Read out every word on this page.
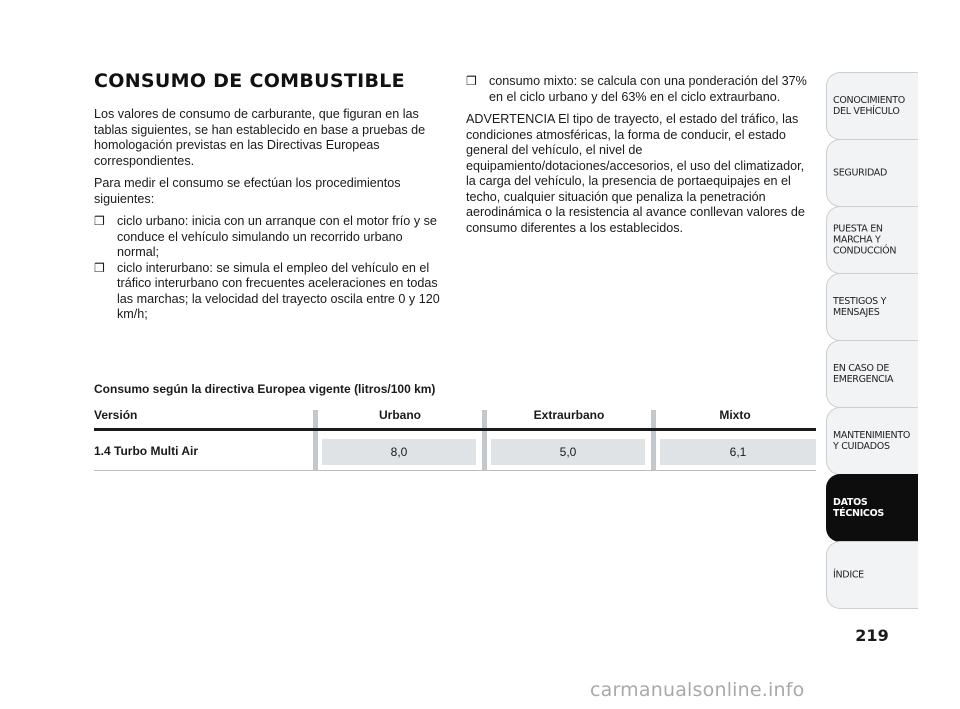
CONSUMO DE COMBUSTIBLE

Los valores de consumo de carburante, que figuran en las tablas siguientes, se han establecido en base a pruebas de homologación previstas en las Directivas Europeas correspondientes.

Para medir el consumo se efectúan los procedimientos siguientes:

❒ ciclo urbano: inicia con un arranque con el motor frío y se conduce el vehículo simulando un recorrido urbano normal;
❒ ciclo interurbano: se simula el empleo del vehículo en el tráfico interurbano con frecuentes aceleraciones en todas las marchas; la velocidad del trayecto oscila entre 0 y 120 km/h;
❒ consumo mixto: se calcula con una ponderación del 37% en el ciclo urbano y del 63% en el ciclo extraurbano.

ADVERTENCIA El tipo de trayecto, el estado del tráfico, las condiciones atmosféricas, la forma de conducir, el estado general del vehículo, el nivel de equipamiento/dotaciones/accesorios, el uso del climatizador, la carga del vehículo, la presencia de portaequipajes en el techo, cualquier situación que penaliza la penetración aerodinámica o la resistencia al avance conllevan valores de consumo diferentes a los establecidos.

Consumo según la directiva Europea vigente (litros/100 km)
Versión	Urbano	Extraurbano	Mixto
1.4 Turbo Multi Air	8,0	5,0	6,1
CONOCIMIENTO DEL VEHÍCULO
SEGURIDAD
PUESTA EN MARCHA Y CONDUCCIÓN
TESTIGOS Y MENSAJES
EN CASO DE EMERGENCIA
MANTENIMIENTO Y CUIDADOS
DATOS TÉCNICOS
ÍNDICE
219
carmanualsonline.info
